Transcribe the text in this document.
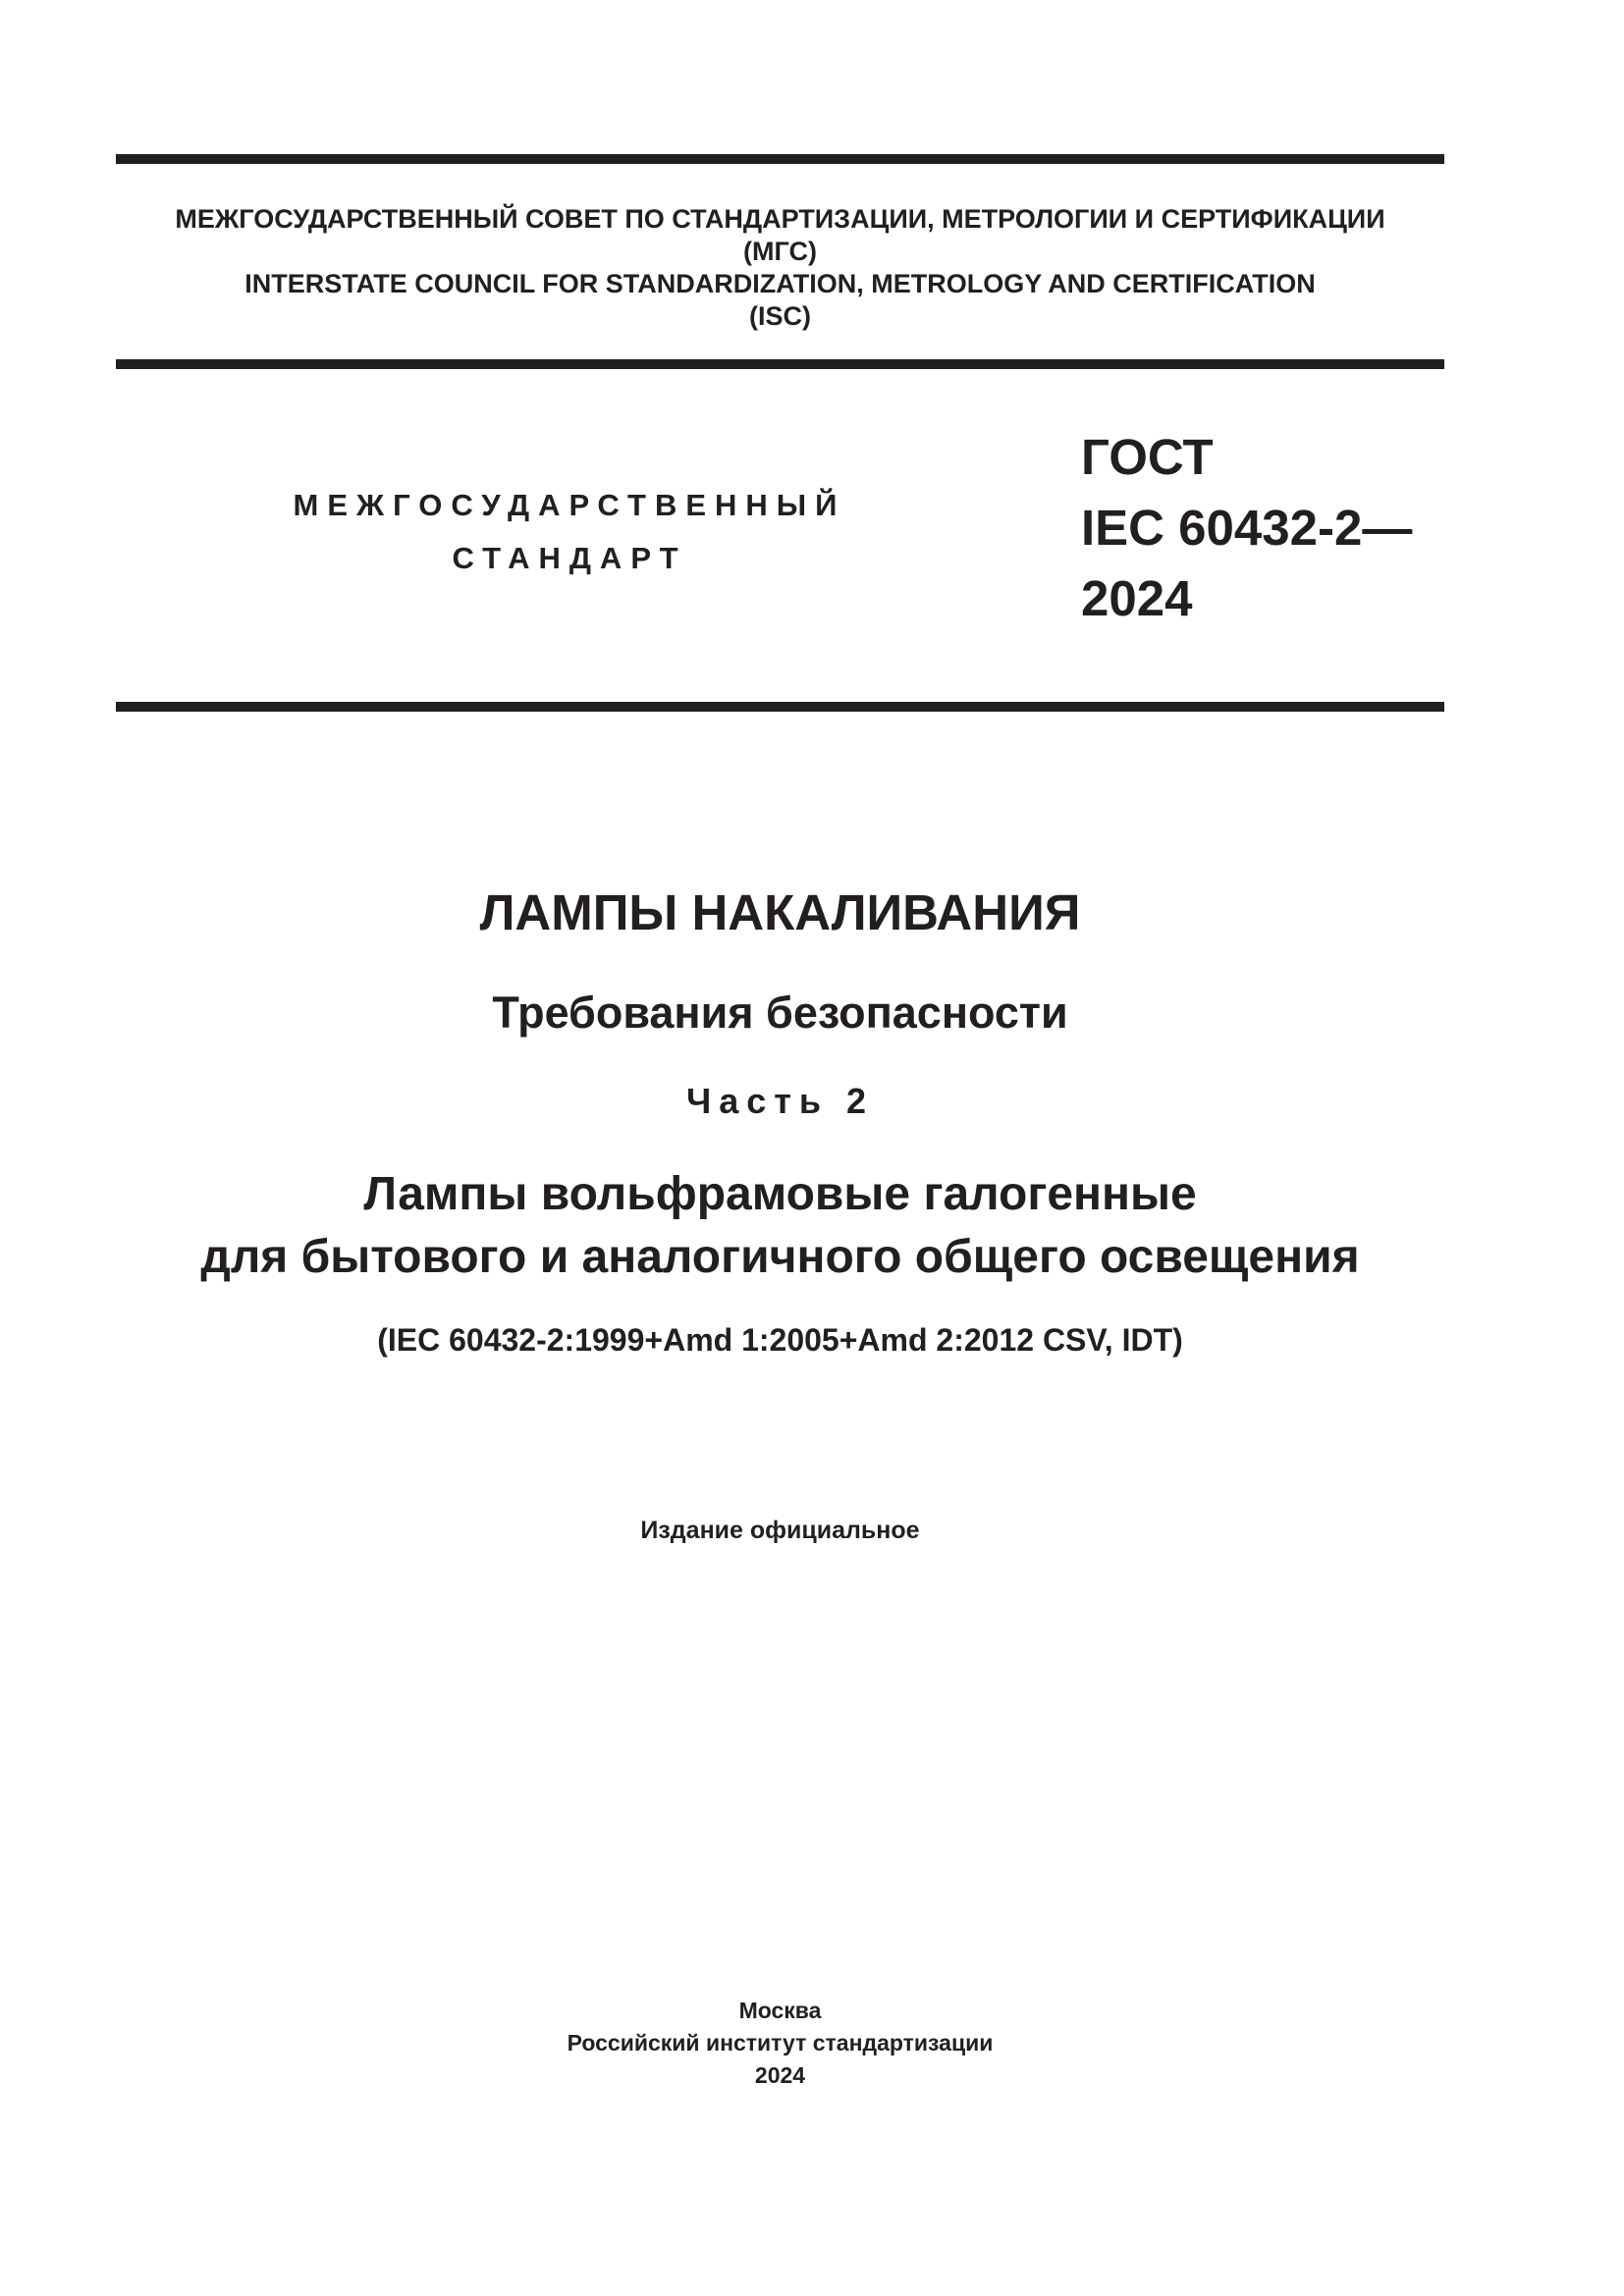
МЕЖГОСУДАРСТВЕННЫЙ СОВЕТ ПО СТАНДАРТИЗАЦИИ, МЕТРОЛОГИИ И СЕРТИФИКАЦИИ
(МГС)
INTERSTATE COUNCIL FOR STANDARDIZATION, METROLOGY AND CERTIFICATION
(ISC)
МЕЖГОСУДАРСТВЕННЫЙ
СТАНДАРТ
ГОСТ
IEC 60432-2—
2024
ЛАМПЫ НАКАЛИВАНИЯ
Требования безопасности
Часть 2
Лампы вольфрамовые галогенные
для бытового и аналогичного общего освещения
(IEC 60432-2:1999+Amd 1:2005+Amd 2:2012 CSV, IDT)
Издание официальное
Москва
Российский институт стандартизации
2024
